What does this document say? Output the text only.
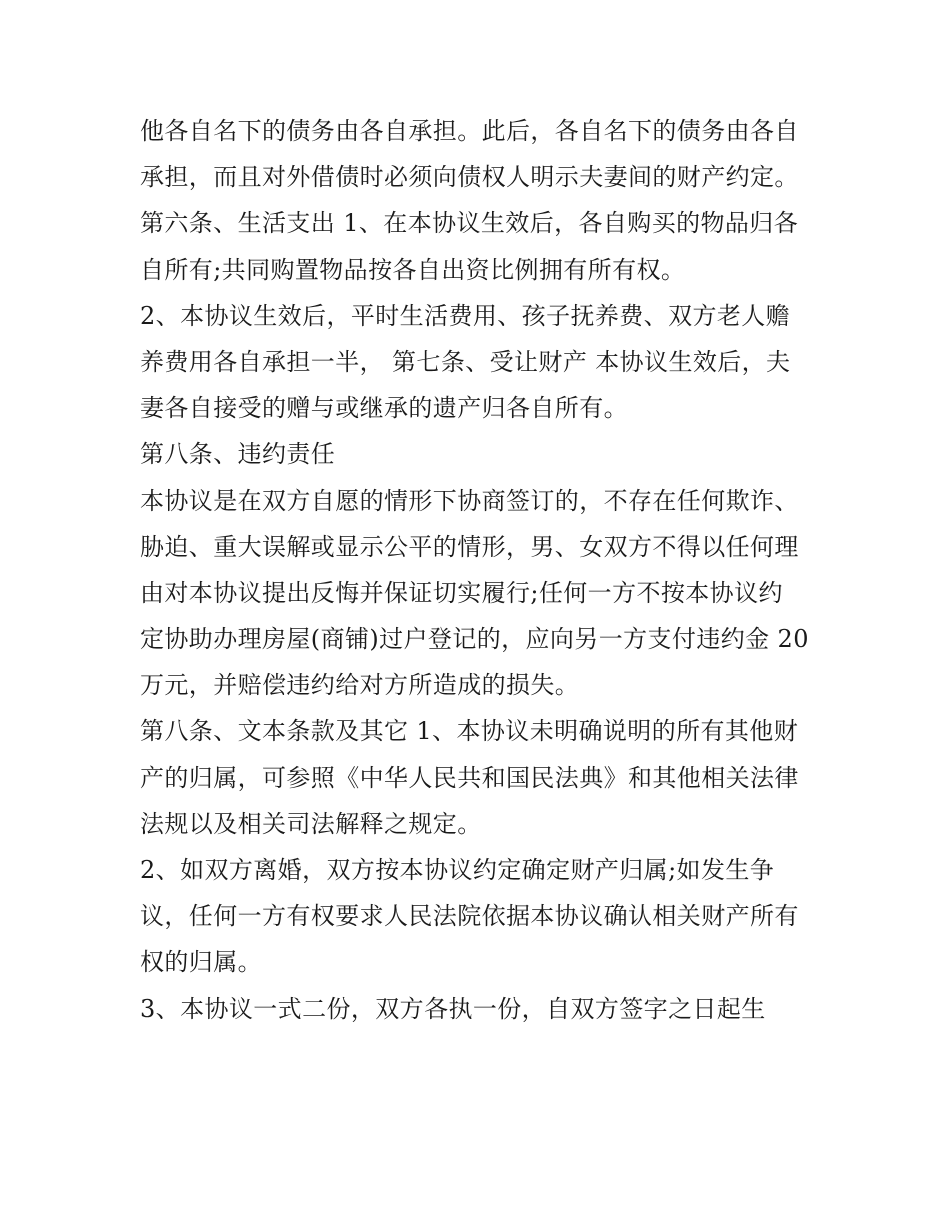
他各自名下的债务由各自承担。此后，各自名下的债务由各自
承担，而且对外借债时必须向债权人明示夫妻间的财产约定。
第六条、生活支出 1、在本协议生效后，各自购买的物品归各
自所有;共同购置物品按各自出资比例拥有所有权。
2、本协议生效后，平时生活费用、孩子抚养费、双方老人赡
养费用各自承担一半， 第七条、受让财产 本协议生效后，夫
妻各自接受的赠与或继承的遗产归各自所有。
第八条、违约责任
本协议是在双方自愿的情形下协商签订的，不存在任何欺诈、
胁迫、重大误解或显示公平的情形，男、女双方不得以任何理
由对本协议提出反悔并保证切实履行;任何一方不按本协议约
定协助办理房屋(商铺)过户登记的，应向另一方支付违约金 20
万元，并赔偿违约给对方所造成的损失。
第八条、文本条款及其它 1、本协议未明确说明的所有其他财
产的归属，可参照《中华人民共和国民法典》和其他相关法律
法规以及相关司法解释之规定。
2、如双方离婚，双方按本协议约定确定财产归属;如发生争
议，任何一方有权要求人民法院依据本协议确认相关财产所有
权的归属。
3、本协议一式二份，双方各执一份，自双方签字之日起生
